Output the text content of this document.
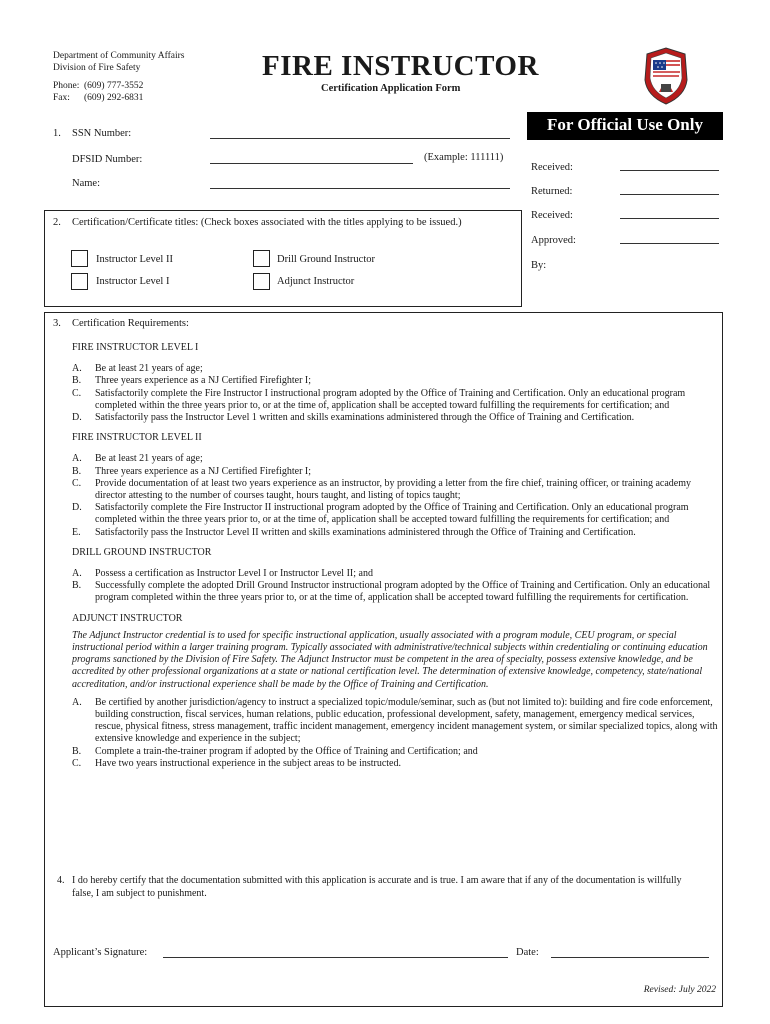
Department of Community Affairs
Division of Fire Safety
Phone: (609) 777-3552
Fax:	(609) 292-6831
FIRE INSTRUCTOR
Certification Application Form
For Official Use Only
Received:
Returned:
Received:
Approved:
By:
1. SSN Number:
DFSID Number:	(Example: 111111)
Name:
2. Certification/Certificate titles: (Check boxes associated with the titles applying to be issued.)
Instructor Level II
Instructor Level I
Drill Ground Instructor
Adjunct Instructor
3. Certification Requirements:
FIRE INSTRUCTOR LEVEL I
A.	Be at least 21 years of age;
B.	Three years experience as a NJ Certified Firefighter I;
C.	Satisfactorily complete the Fire Instructor I instructional program adopted by the Office of Training and Certification. Only an educational program completed within the three years prior to, or at the time of, application shall be accepted toward fulfilling the requirements for certification; and
D.	Satisfactorily pass the Instructor Level 1 written and skills examinations administered through the Office of Training and Certification.
FIRE INSTRUCTOR LEVEL II
A.	Be at least 21 years of age;
B.	Three years experience as a NJ Certified Firefighter I;
C.	Provide documentation of at least two years experience as an instructor, by providing a letter from the fire chief, training officer, or training academy director attesting to the number of courses taught, hours taught, and listing of topics taught;
D.	Satisfactorily complete the Fire Instructor II instructional program adopted by the Office of Training and Certification. Only an educational program completed within the three years prior to, or at the time of, application shall be accepted toward fulfilling the requirements for certification; and
E.	Satisfactorily pass the Instructor Level II written and skills examinations administered through the Office of Training and Certification.
DRILL GROUND INSTRUCTOR
A.	Possess a certification as Instructor Level I or Instructor Level II; and
B.	Successfully complete the adopted Drill Ground Instructor instructional program adopted by the Office of Training and Certification. Only an educational program completed within the three years prior to, or at the time of, application shall be accepted toward fulfilling the requirements for certification.
ADJUNCT INSTRUCTOR
The Adjunct Instructor credential is to used for specific instructional application, usually associated with a program module, CEU program, or special instructional period within a larger training program. Typically associated with administrative/technical subjects within credentialing or continuing education programs sanctioned by the Division of Fire Safety. The Adjunct Instructor must be competent in the area of specialty, possess extensive knowledge, and be accredited by other professional organizations at a state or national certification level. The determination of extensive knowledge, competency, state/national accreditation, and/or instructional experience shall be made by the Office of Training and Certification.
A.	Be certified by another jurisdiction/agency to instruct a specialized topic/module/seminar, such as (but not limited to): building and fire code enforcement, building construction, fiscal services, human relations, public education, professional development, safety, management, emergency medical services, rescue, physical fitness, stress management, traffic incident management, emergency incident management system, or similar specialized topics, along with extensive knowledge and experience in the subject;
B.	Complete a train-the-trainer program if adopted by the Office of Training and Certification; and
C.	Have two years instructional experience in the subject areas to be instructed.
4. I do hereby certify that the documentation submitted with this application is accurate and is true. I am aware that if any of the documentation is willfully false, I am subject to punishment.
Applicant’s Signature:	Date:
Revised: July 2022
